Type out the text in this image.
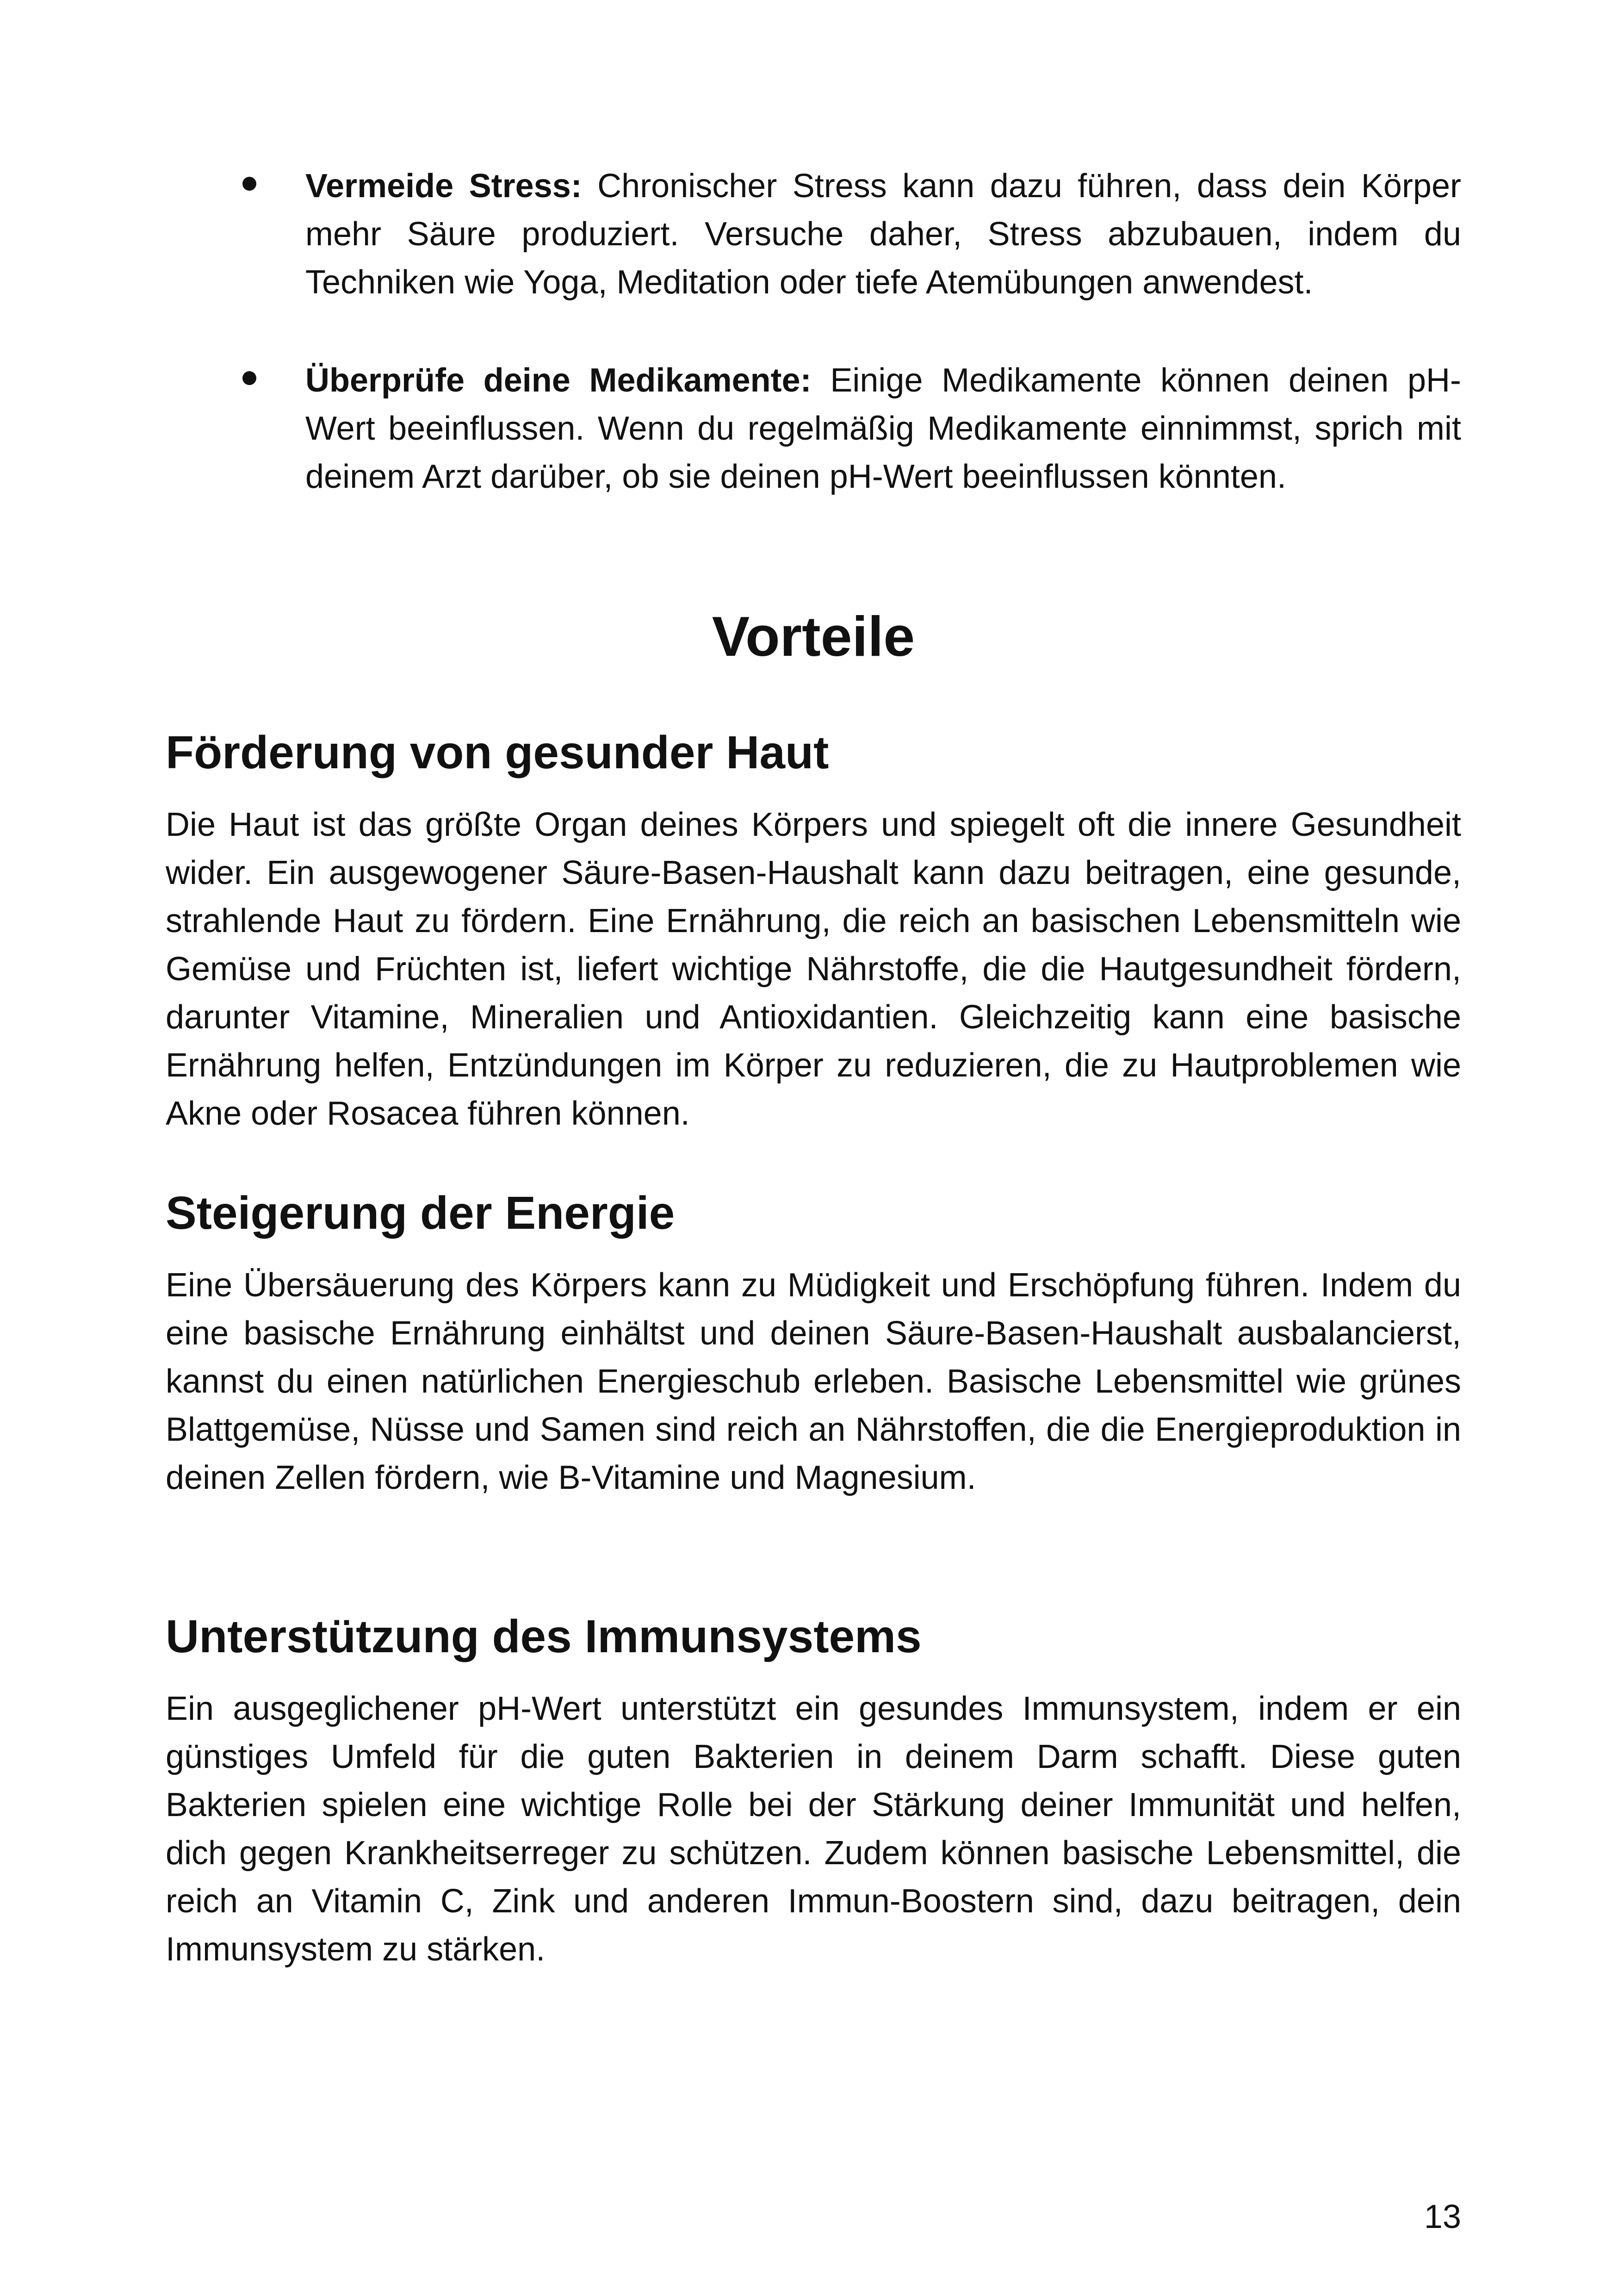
Vermeide Stress: Chronischer Stress kann dazu führen, dass dein Körper mehr Säure produziert. Versuche daher, Stress abzubauen, indem du Techniken wie Yoga, Meditation oder tiefe Atemübungen anwendest.

Überprüfe deine Medikamente: Einige Medikamente können deinen pH-Wert beeinflussen. Wenn du regelmäßig Medikamente einnimmst, sprich mit deinem Arzt darüber, ob sie deinen pH-Wert beeinflussen könnten.

Vorteile
Förderung von gesunder Haut

Die Haut ist das größte Organ deines Körpers und spiegelt oft die innere Gesundheit wider. Ein ausgewogener Säure-Basen-Haushalt kann dazu beitragen, eine gesunde, strahlende Haut zu fördern. Eine Ernährung, die reich an basischen Lebensmitteln wie Gemüse und Früchten ist, liefert wichtige Nährstoffe, die die Hautgesundheit fördern, darunter Vitamine, Mineralien und Antioxidantien. Gleichzeitig kann eine basische Ernährung helfen, Entzündungen im Körper zu reduzieren, die zu Hautproblemen wie Akne oder Rosacea führen können.

Steigerung der Energie

Eine Übersäuerung des Körpers kann zu Müdigkeit und Erschöpfung führen. Indem du eine basische Ernährung einhältst und deinen Säure-Basen-Haushalt ausbalancierst, kannst du einen natürlichen Energieschub erleben. Basische Lebensmittel wie grünes Blattgemüse, Nüsse und Samen sind reich an Nährstoffen, die die Energieproduktion in deinen Zellen fördern, wie B-Vitamine und Magnesium.

Unterstützung des Immunsystems

Ein ausgeglichener pH-Wert unterstützt ein gesundes Immunsystem, indem er ein günstiges Umfeld für die guten Bakterien in deinem Darm schafft. Diese guten Bakterien spielen eine wichtige Rolle bei der Stärkung deiner Immunität und helfen, dich gegen Krankheitserreger zu schützen. Zudem können basische Lebensmittel, die reich an Vitamin C, Zink und anderen Immun-Boostern sind, dazu beitragen, dein Immunsystem zu stärken.

13
